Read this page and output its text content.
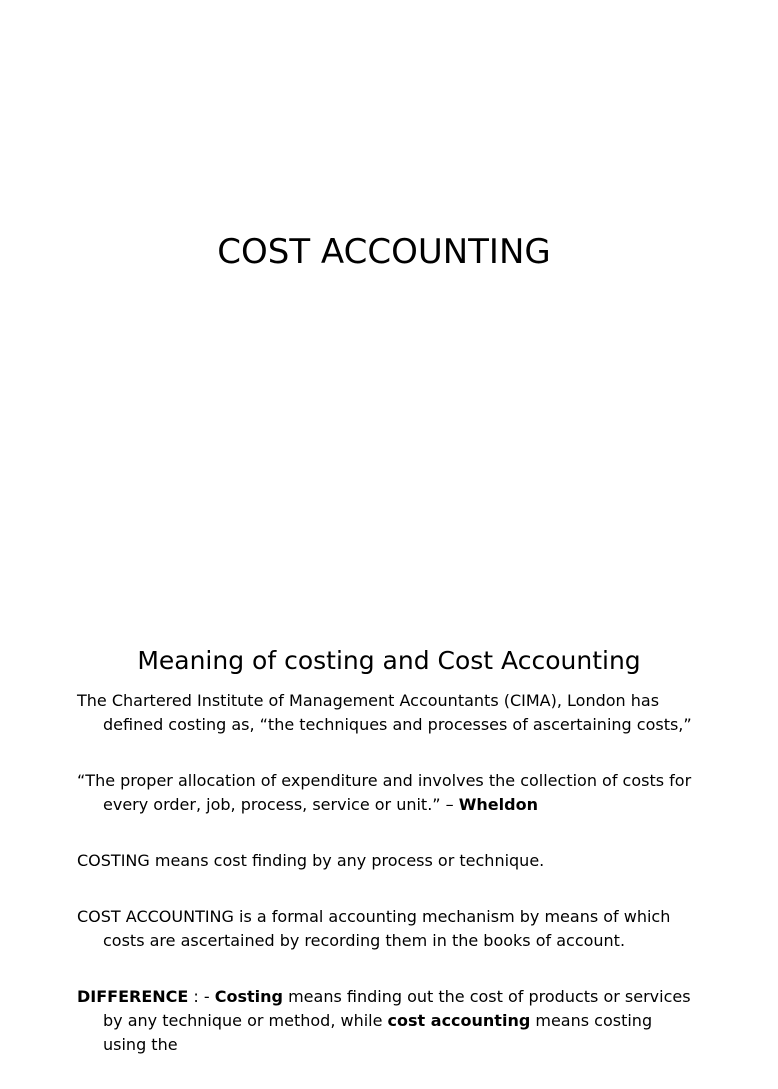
COST ACCOUNTING
Meaning of costing and Cost Accounting

The Chartered Institute of Management Accountants (CIMA), London has defined costing as, “the techniques and processes of ascertaining costs,”

“The proper allocation of expenditure and involves the collection of costs for every order, job, process, service or unit.” – Wheldon

COSTING means cost finding by any process or technique.

COST ACCOUNTING is a formal accounting mechanism by means of which costs are ascertained by recording them in the books of account.

DIFFERENCE : - Costing means finding out the cost of products or services by any technique or method, while cost accounting means costing using the
